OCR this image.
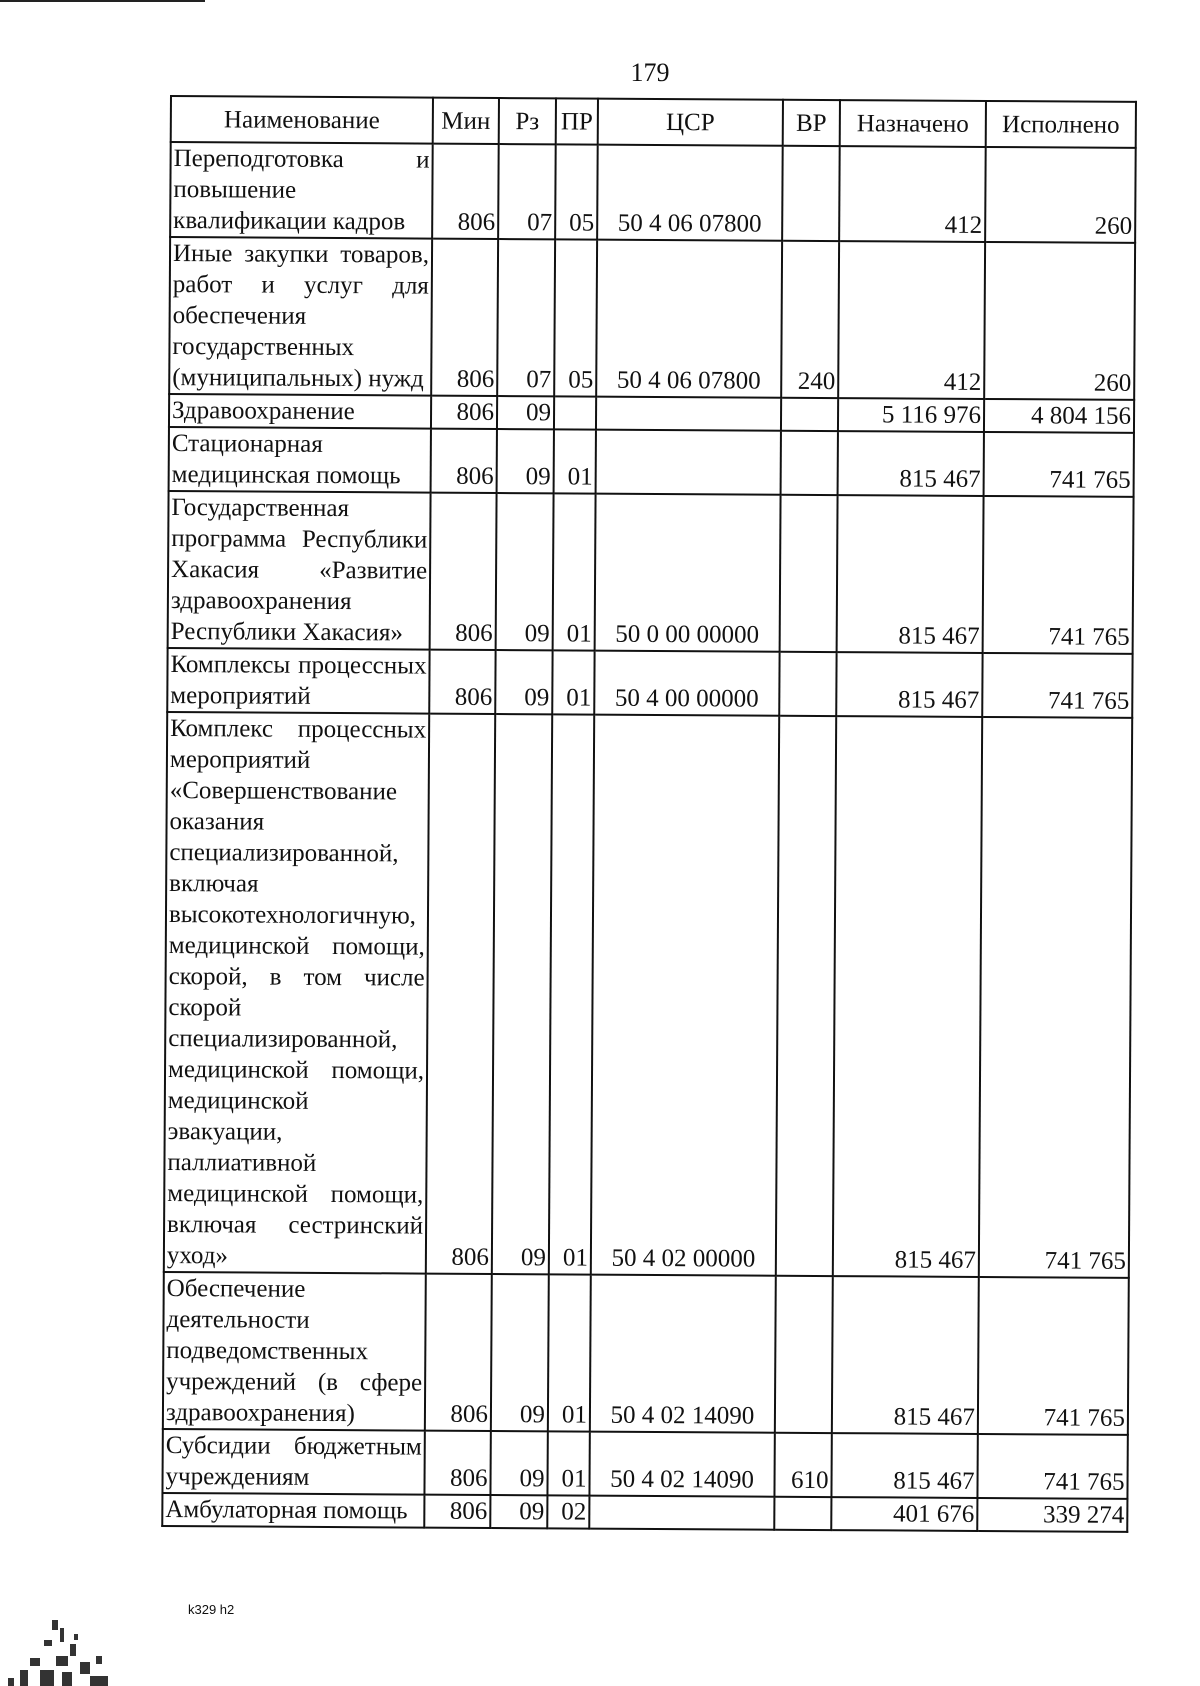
179
Наименование	Мин	Рз	ПР	ЦСР	ВР	Назначено	Исполнено
Переподготовка и повышение квалификации кадров	806	07	05	50 4 06 07800		412	260
Иные закупки товаров, работ и услуг для обеспечения государственных (муниципальных) нужд	806	07	05	50 4 06 07800	240	412	260
Здравоохранение	806	09				5 116 976	4 804 156
Стационарная медицинская помощь	806	09	01			815 467	741 765
Государственная программа Республики Хакасия «Развитие здравоохранения Республики Хакасия»	806	09	01	50 0 00 00000		815 467	741 765
Комплексы процессных мероприятий	806	09	01	50 4 00 00000		815 467	741 765
Комплекс процессных мероприятий «Совершенствование оказания специализированной, включая высокотехнологичную, медицинской помощи, скорой, в том числе скорой специализированной, медицинской помощи, медицинской эвакуации, паллиативной медицинской помощи, включая сестринский уход»	806	09	01	50 4 02 00000		815 467	741 765
Обеспечение деятельности подведомственных учреждений (в сфере здравоохранения)	806	09	01	50 4 02 14090		815 467	741 765
Субсидии бюджетным учреждениям	806	09	01	50 4 02 14090	610	815 467	741 765
Амбулаторная помощь	806	09	02			401 676	339 274
k329 h2
